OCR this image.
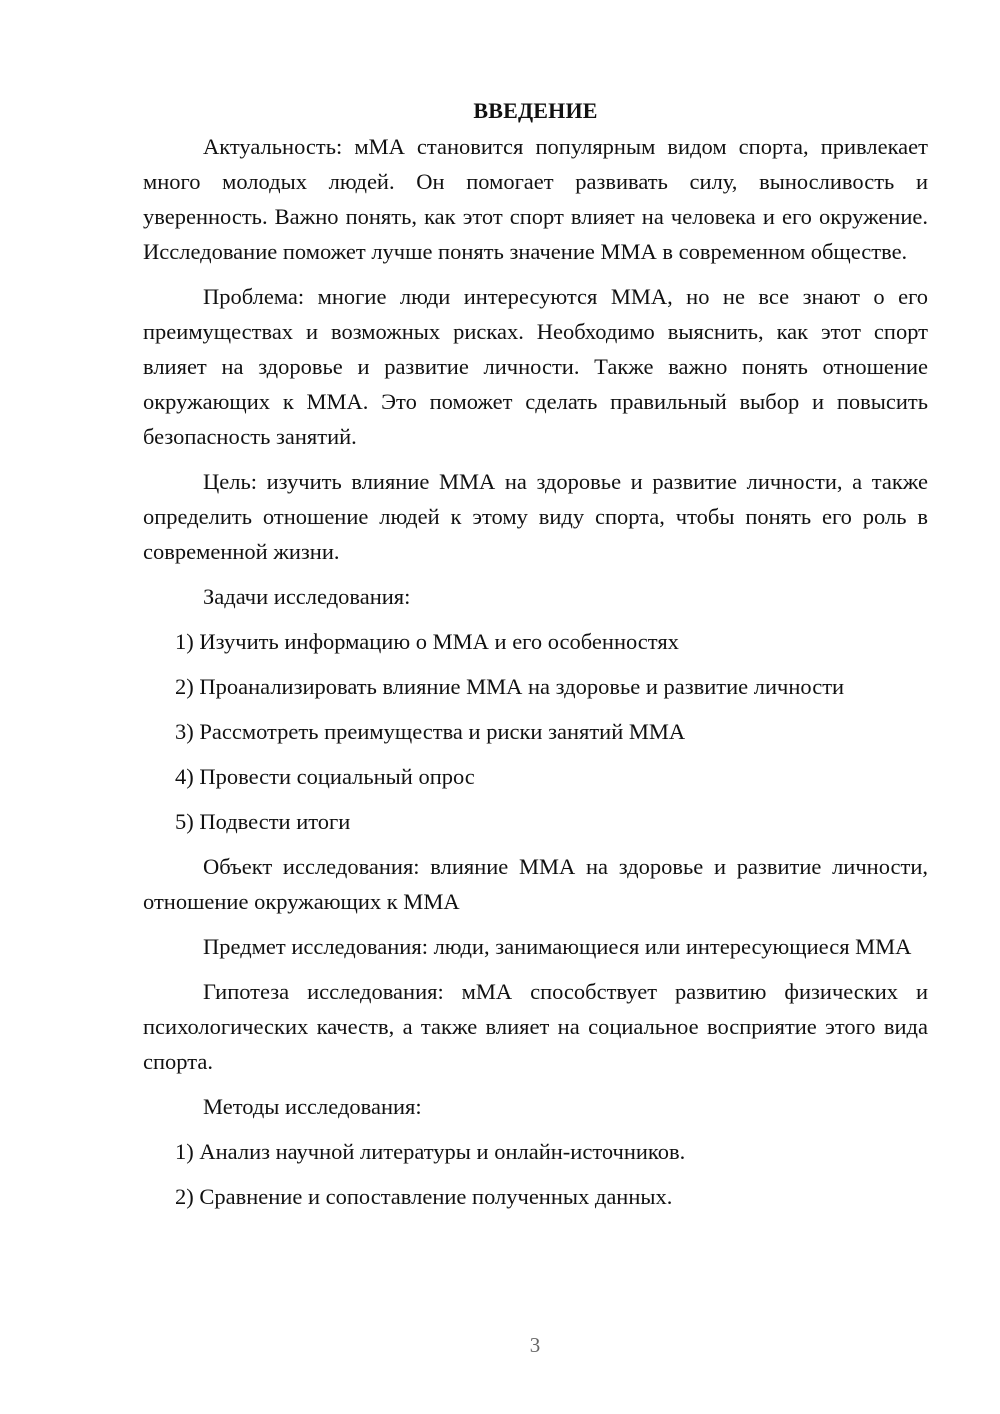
ВВЕДЕНИЕ

Актуальность: мМА становится популярным видом спорта, привлекает много молодых людей. Он помогает развивать силу, выносливость и уверенность. Важно понять, как этот спорт влияет на человека и его окружение. Исследование поможет лучше понять значение ММА в современном обществе.

Проблема: многие люди интересуются ММА, но не все знают о его преимуществах и возможных рисках. Необходимо выяснить, как этот спорт влияет на здоровье и развитие личности. Также важно понять отношение окружающих к ММА. Это поможет сделать правильный выбор и повысить безопасность занятий.

Цель: изучить влияние ММА на здоровье и развитие личности, а также определить отношение людей к этому виду спорта, чтобы понять его роль в современной жизни.

Задачи исследования:
1) Изучить информацию о ММА и его особенностях
2) Проанализировать влияние ММА на здоровье и развитие личности
3) Рассмотреть преимущества и риски занятий ММА
4) Провести социальный опрос
5) Подвести итоги

Объект исследования: влияние ММА на здоровье и развитие личности, отношение окружающих к ММА

Предмет исследования: люди, занимающиеся или интересующиеся ММА

Гипотеза исследования: мМА способствует развитию физических и психологических качеств, а также влияет на социальное восприятие этого вида спорта.

Методы исследования:
1) Анализ научной литературы и онлайн-источников.
2) Сравнение и сопоставление полученных данных.
3
